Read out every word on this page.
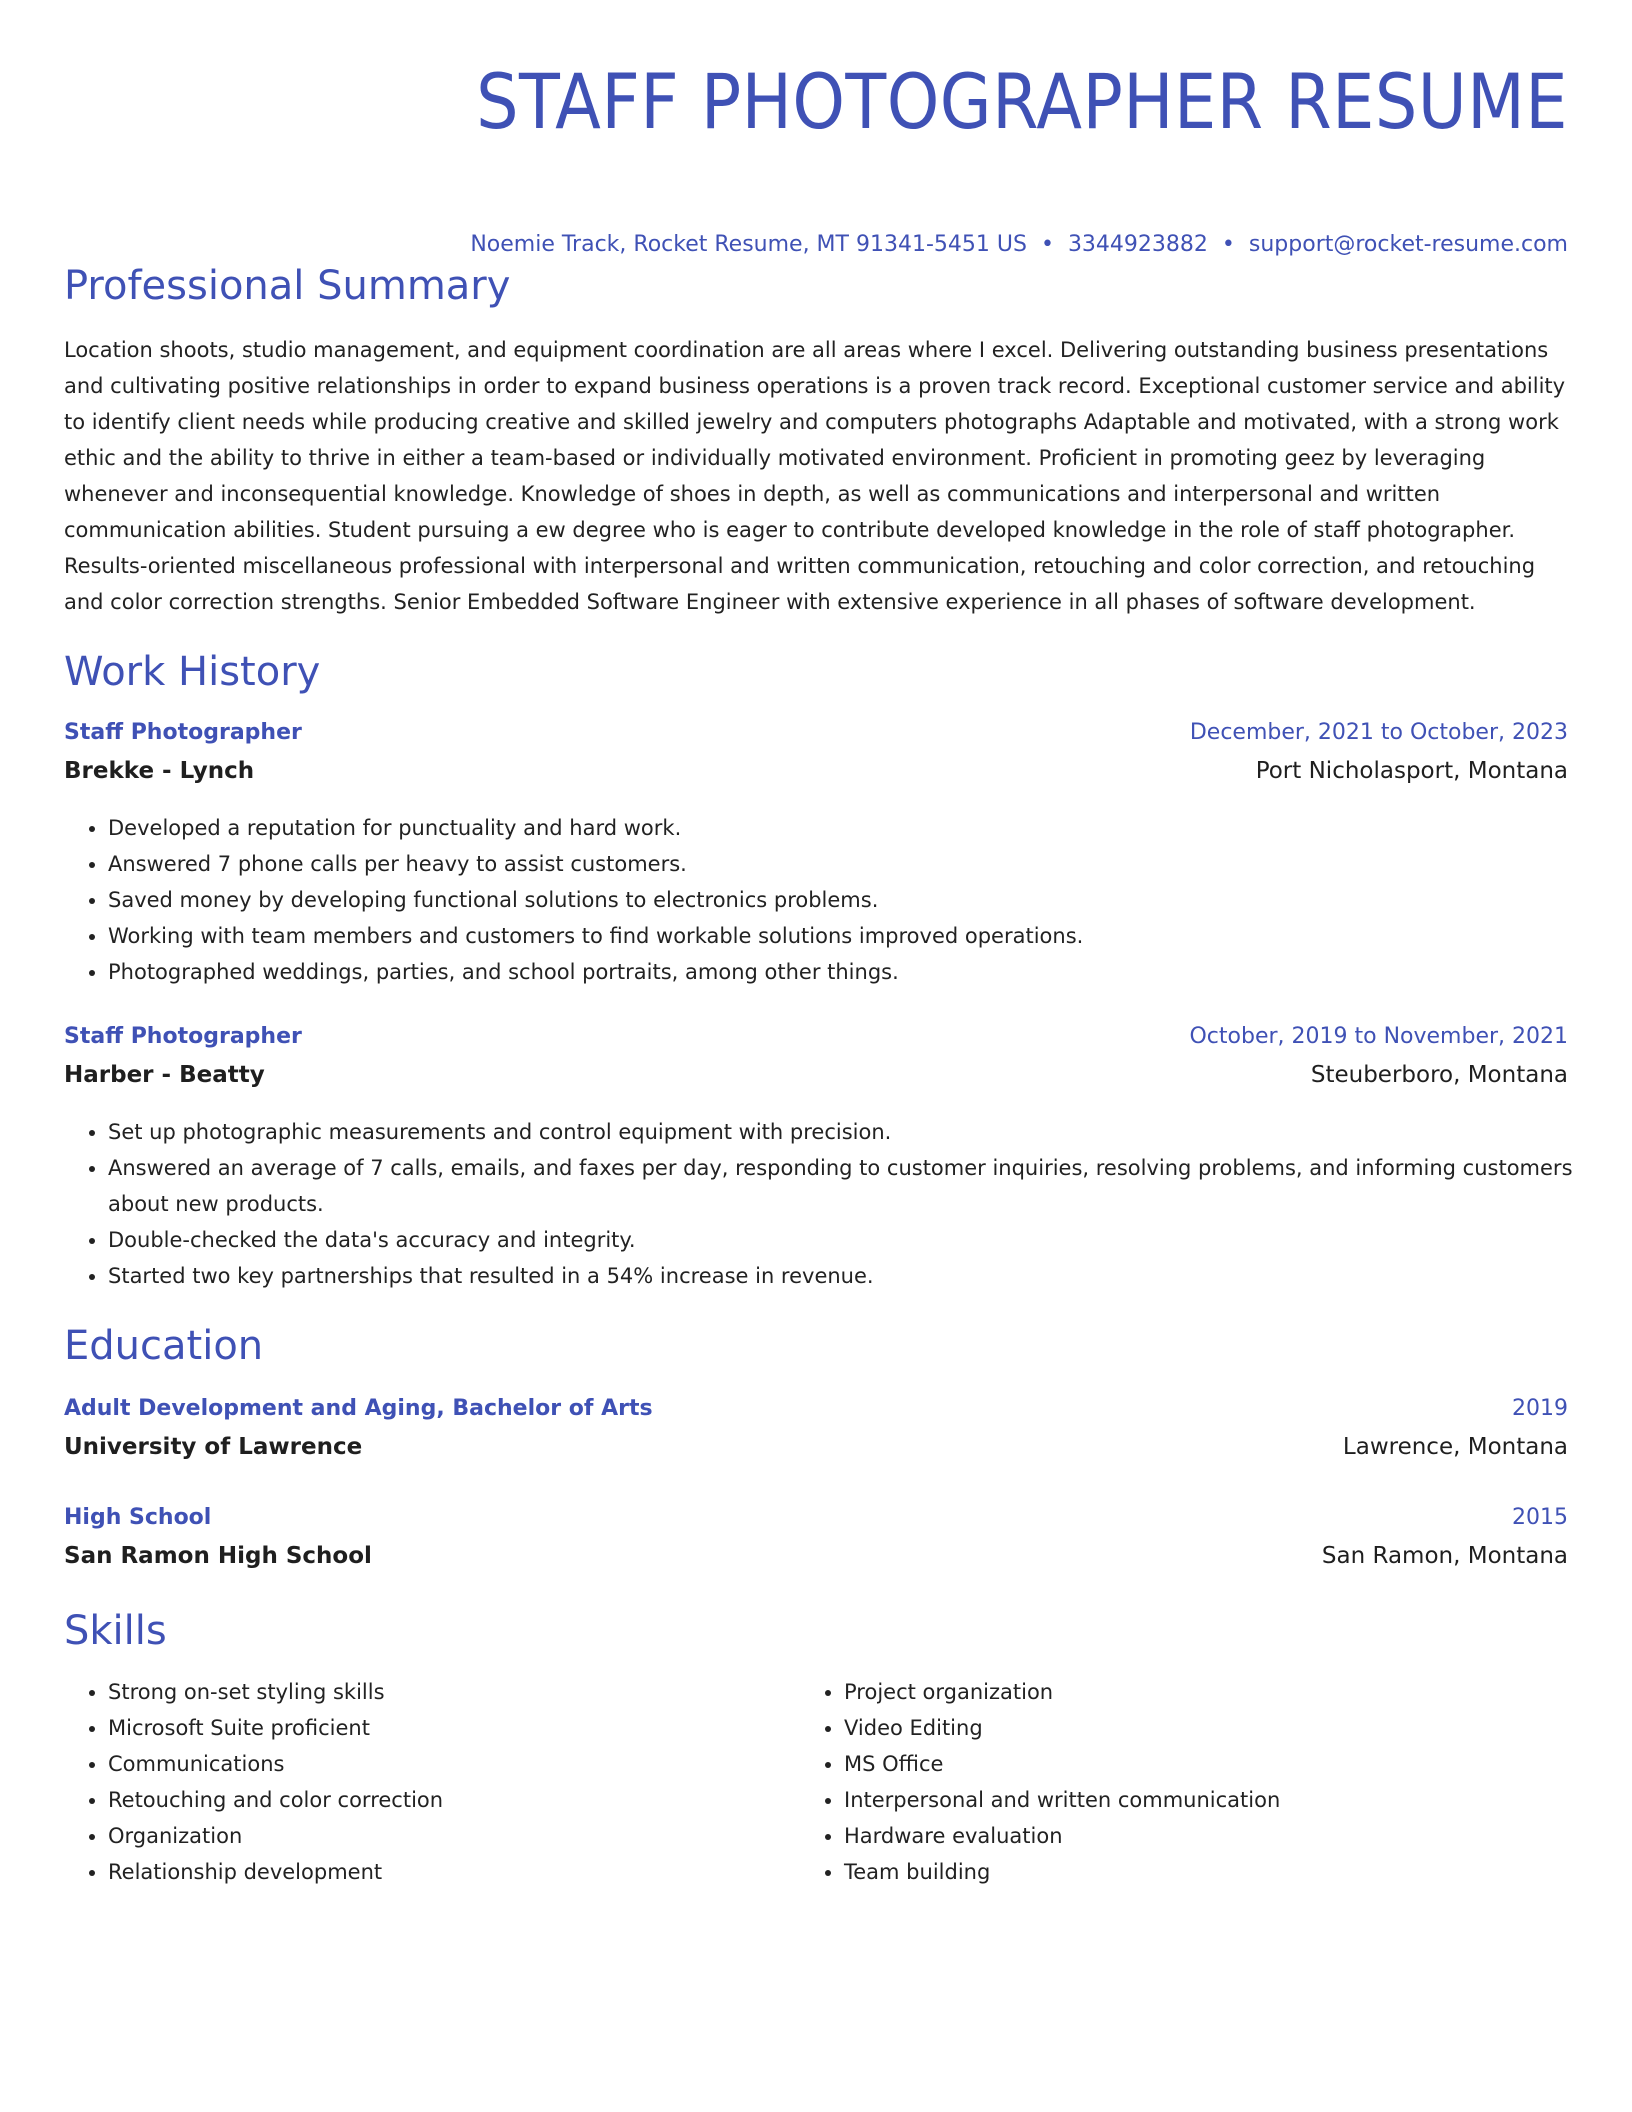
STAFF PHOTOGRAPHER RESUME
Noemie Track, Rocket Resume, MT 91341-5451 US • 3344923882 • support@rocket-resume.com
Professional Summary

Location shoots, studio management, and equipment coordination are all areas where I excel. Delivering outstanding business presentations and cultivating positive relationships in order to expand business operations is a proven track record. Exceptional customer service and ability to identify client needs while producing creative and skilled jewelry and computers photographs Adaptable and motivated, with a strong work ethic and the ability to thrive in either a team-based or individually motivated environment. Proficient in promoting geez by leveraging whenever and inconsequential knowledge. Knowledge of shoes in depth, as well as communications and interpersonal and written communication abilities. Student pursuing a ew degree who is eager to contribute developed knowledge in the role of staff photographer. Results-oriented miscellaneous professional with interpersonal and written communication, retouching and color correction, and retouching and color correction strengths. Senior Embedded Software Engineer with extensive experience in all phases of software development.

Work History
Staff Photographer	December, 2021 to October, 2023
Brekke - Lynch	Port Nicholasport, Montana
• Developed a reputation for punctuality and hard work.
• Answered 7 phone calls per heavy to assist customers.
• Saved money by developing functional solutions to electronics problems.
• Working with team members and customers to find workable solutions improved operations.
• Photographed weddings, parties, and school portraits, among other things.
Staff Photographer	October, 2019 to November, 2021
Harber - Beatty	Steuberboro, Montana
• Set up photographic measurements and control equipment with precision.
• Answered an average of 7 calls, emails, and faxes per day, responding to customer inquiries, resolving problems, and informing customers about new products.
• Double-checked the data's accuracy and integrity.
• Started two key partnerships that resulted in a 54% increase in revenue.
Education
Adult Development and Aging, Bachelor of Arts	2019
University of Lawrence	Lawrence, Montana
High School	2015
San Ramon High School	San Ramon, Montana
Skills
• Strong on-set styling skills
• Microsoft Suite proficient
• Communications
• Retouching and color correction
• Organization
• Relationship development
• Project organization
• Video Editing
• MS Office
• Interpersonal and written communication
• Hardware evaluation
• Team building
